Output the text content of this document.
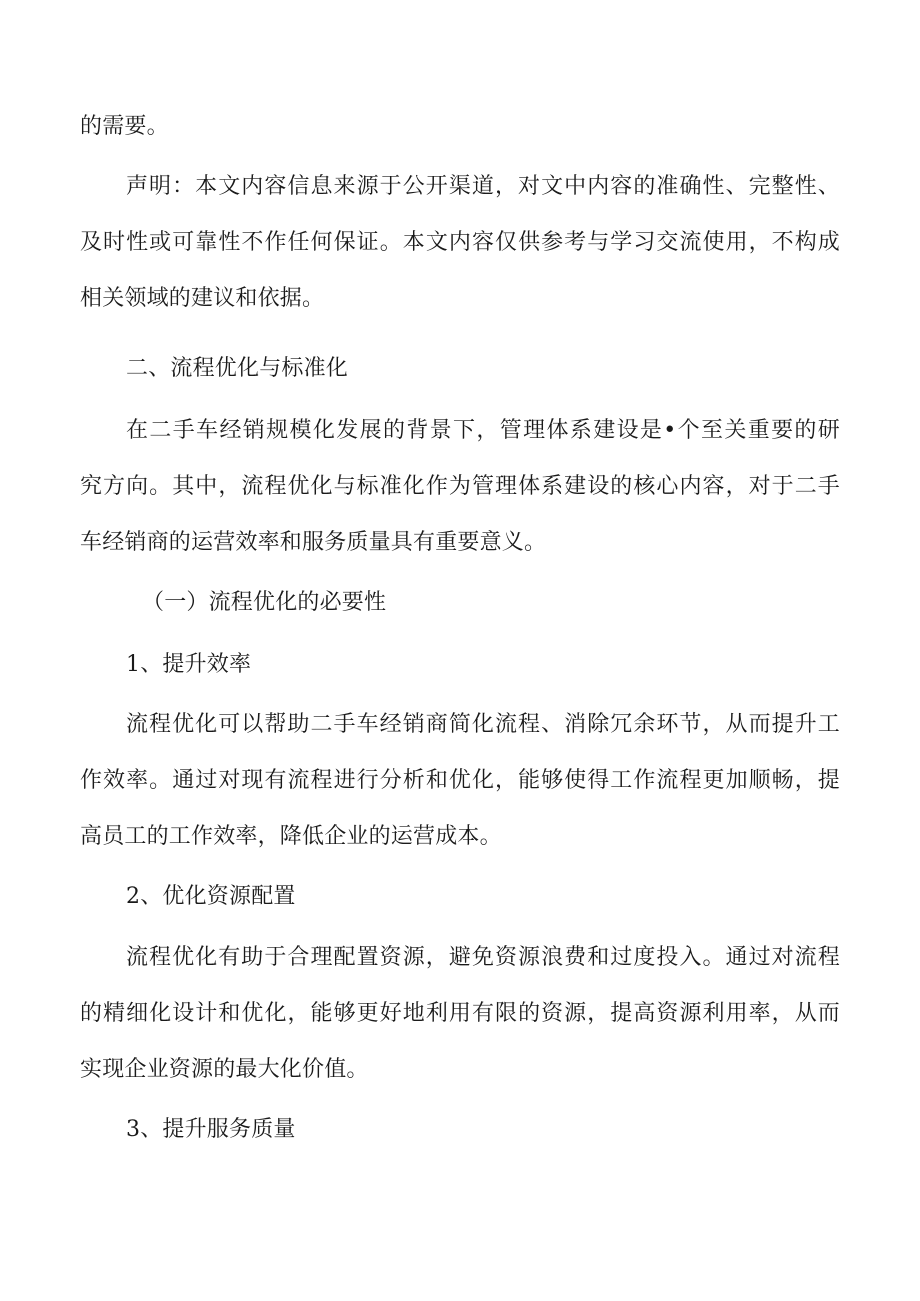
的需要。
声明：本文内容信息来源于公开渠道，对文中内容的准确性、完整性、
及时性或可靠性不作任何保证。本文内容仅供参考与学习交流使用，不构成
相关领域的建议和依据。
二、流程优化与标准化
在二手车经销规模化发展的背景下，管理体系建设是•个至关重要的研
究方向。其中，流程优化与标准化作为管理体系建设的核心内容，对于二手
车经销商的运营效率和服务质量具有重要意义。
（一）流程优化的必要性
1、提升效率
流程优化可以帮助二手车经销商简化流程、消除冗余环节，从而提升工
作效率。通过对现有流程进行分析和优化，能够使得工作流程更加顺畅，提
高员工的工作效率，降低企业的运营成本。
2、优化资源配置
流程优化有助于合理配置资源，避免资源浪费和过度投入。通过对流程
的精细化设计和优化，能够更好地利用有限的资源，提高资源利用率，从而
实现企业资源的最大化价值。
3、提升服务质量
